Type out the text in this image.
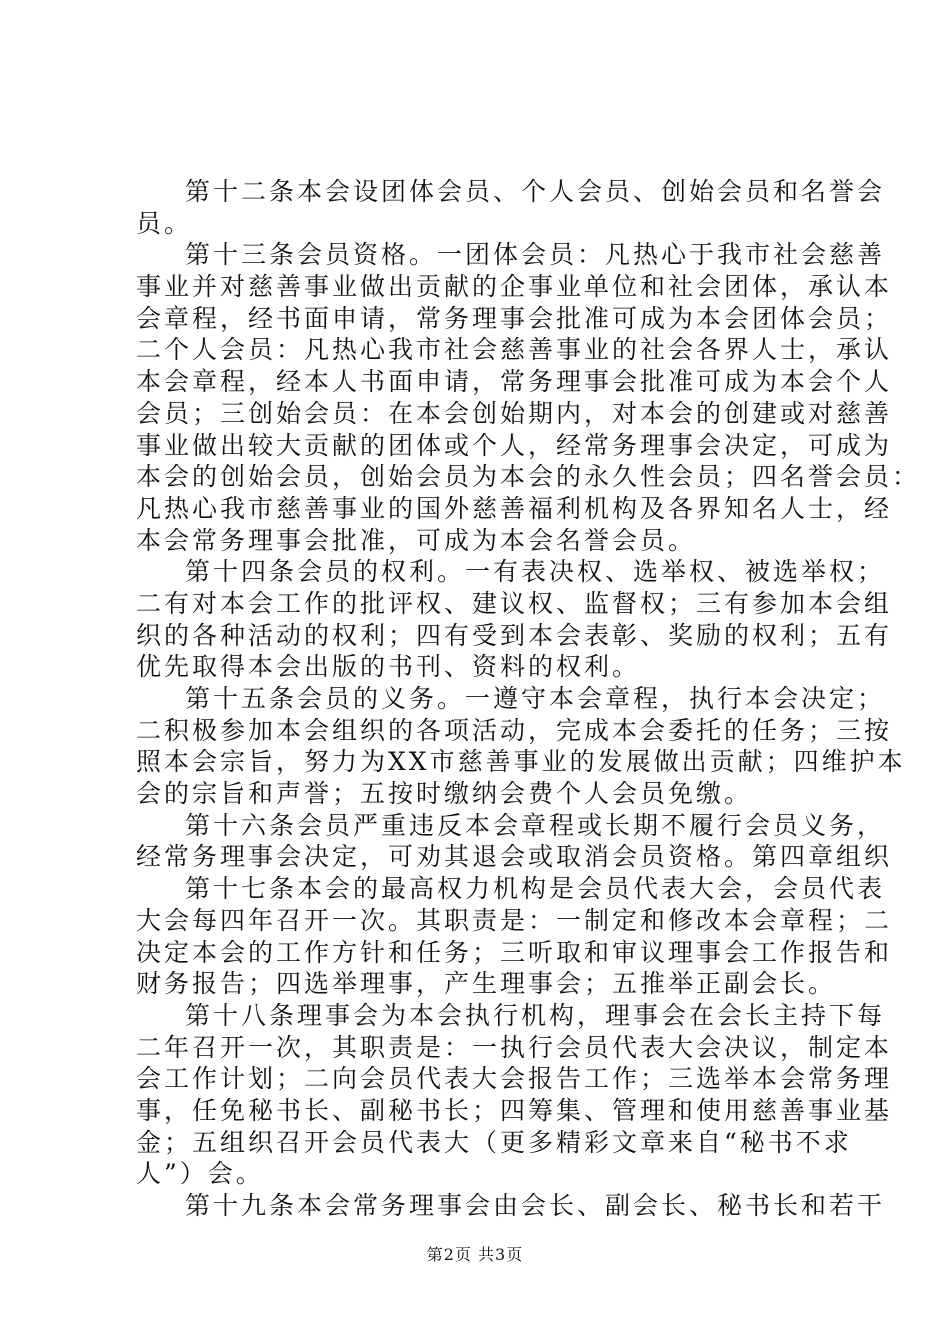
第十二条本会设团体会员、个人会员、创始会员和名誉会
员。
第十三条会员资格。一团体会员：凡热心于我市社会慈善
事业并对慈善事业做出贡献的企事业单位和社会团体，承认本
会章程，经书面申请，常务理事会批准可成为本会团体会员；
二个人会员：凡热心我市社会慈善事业的社会各界人士，承认
本会章程，经本人书面申请，常务理事会批准可成为本会个人
会员；三创始会员：在本会创始期内，对本会的创建或对慈善
事业做出较大贡献的团体或个人，经常务理事会决定，可成为
本会的创始会员，创始会员为本会的永久性会员；四名誉会员：
凡热心我市慈善事业的国外慈善福利机构及各界知名人士，经
本会常务理事会批准，可成为本会名誉会员。
第十四条会员的权利。一有表决权、选举权、被选举权；
二有对本会工作的批评权、建议权、监督权；三有参加本会组
织的各种活动的权利；四有受到本会表彰、奖励的权利；五有
优先取得本会出版的书刊、资料的权利。
第十五条会员的义务。一遵守本会章程，执行本会决定；
二积极参加本会组织的各项活动，完成本会委托的任务；三按
照本会宗旨，努力为XX市慈善事业的发展做出贡献；四维护本
会的宗旨和声誉；五按时缴纳会费个人会员免缴。
第十六条会员严重违反本会章程或长期不履行会员义务，
经常务理事会决定，可劝其退会或取消会员资格。第四章组织
第十七条本会的最高权力机构是会员代表大会，会员代表
大会每四年召开一次。其职责是：一制定和修改本会章程；二
决定本会的工作方针和任务；三听取和审议理事会工作报告和
财务报告；四选举理事，产生理事会；五推举正副会长。
第十八条理事会为本会执行机构，理事会在会长主持下每
二年召开一次，其职责是：一执行会员代表大会决议，制定本
会工作计划；二向会员代表大会报告工作；三选举本会常务理
事，任免秘书长、副秘书长；四筹集、管理和使用慈善事业基
金；五组织召开会员代表大（更多精彩文章来自“秘书不求
人”）会。
第十九条本会常务理事会由会长、副会长、秘书长和若干
第2页 共3页
